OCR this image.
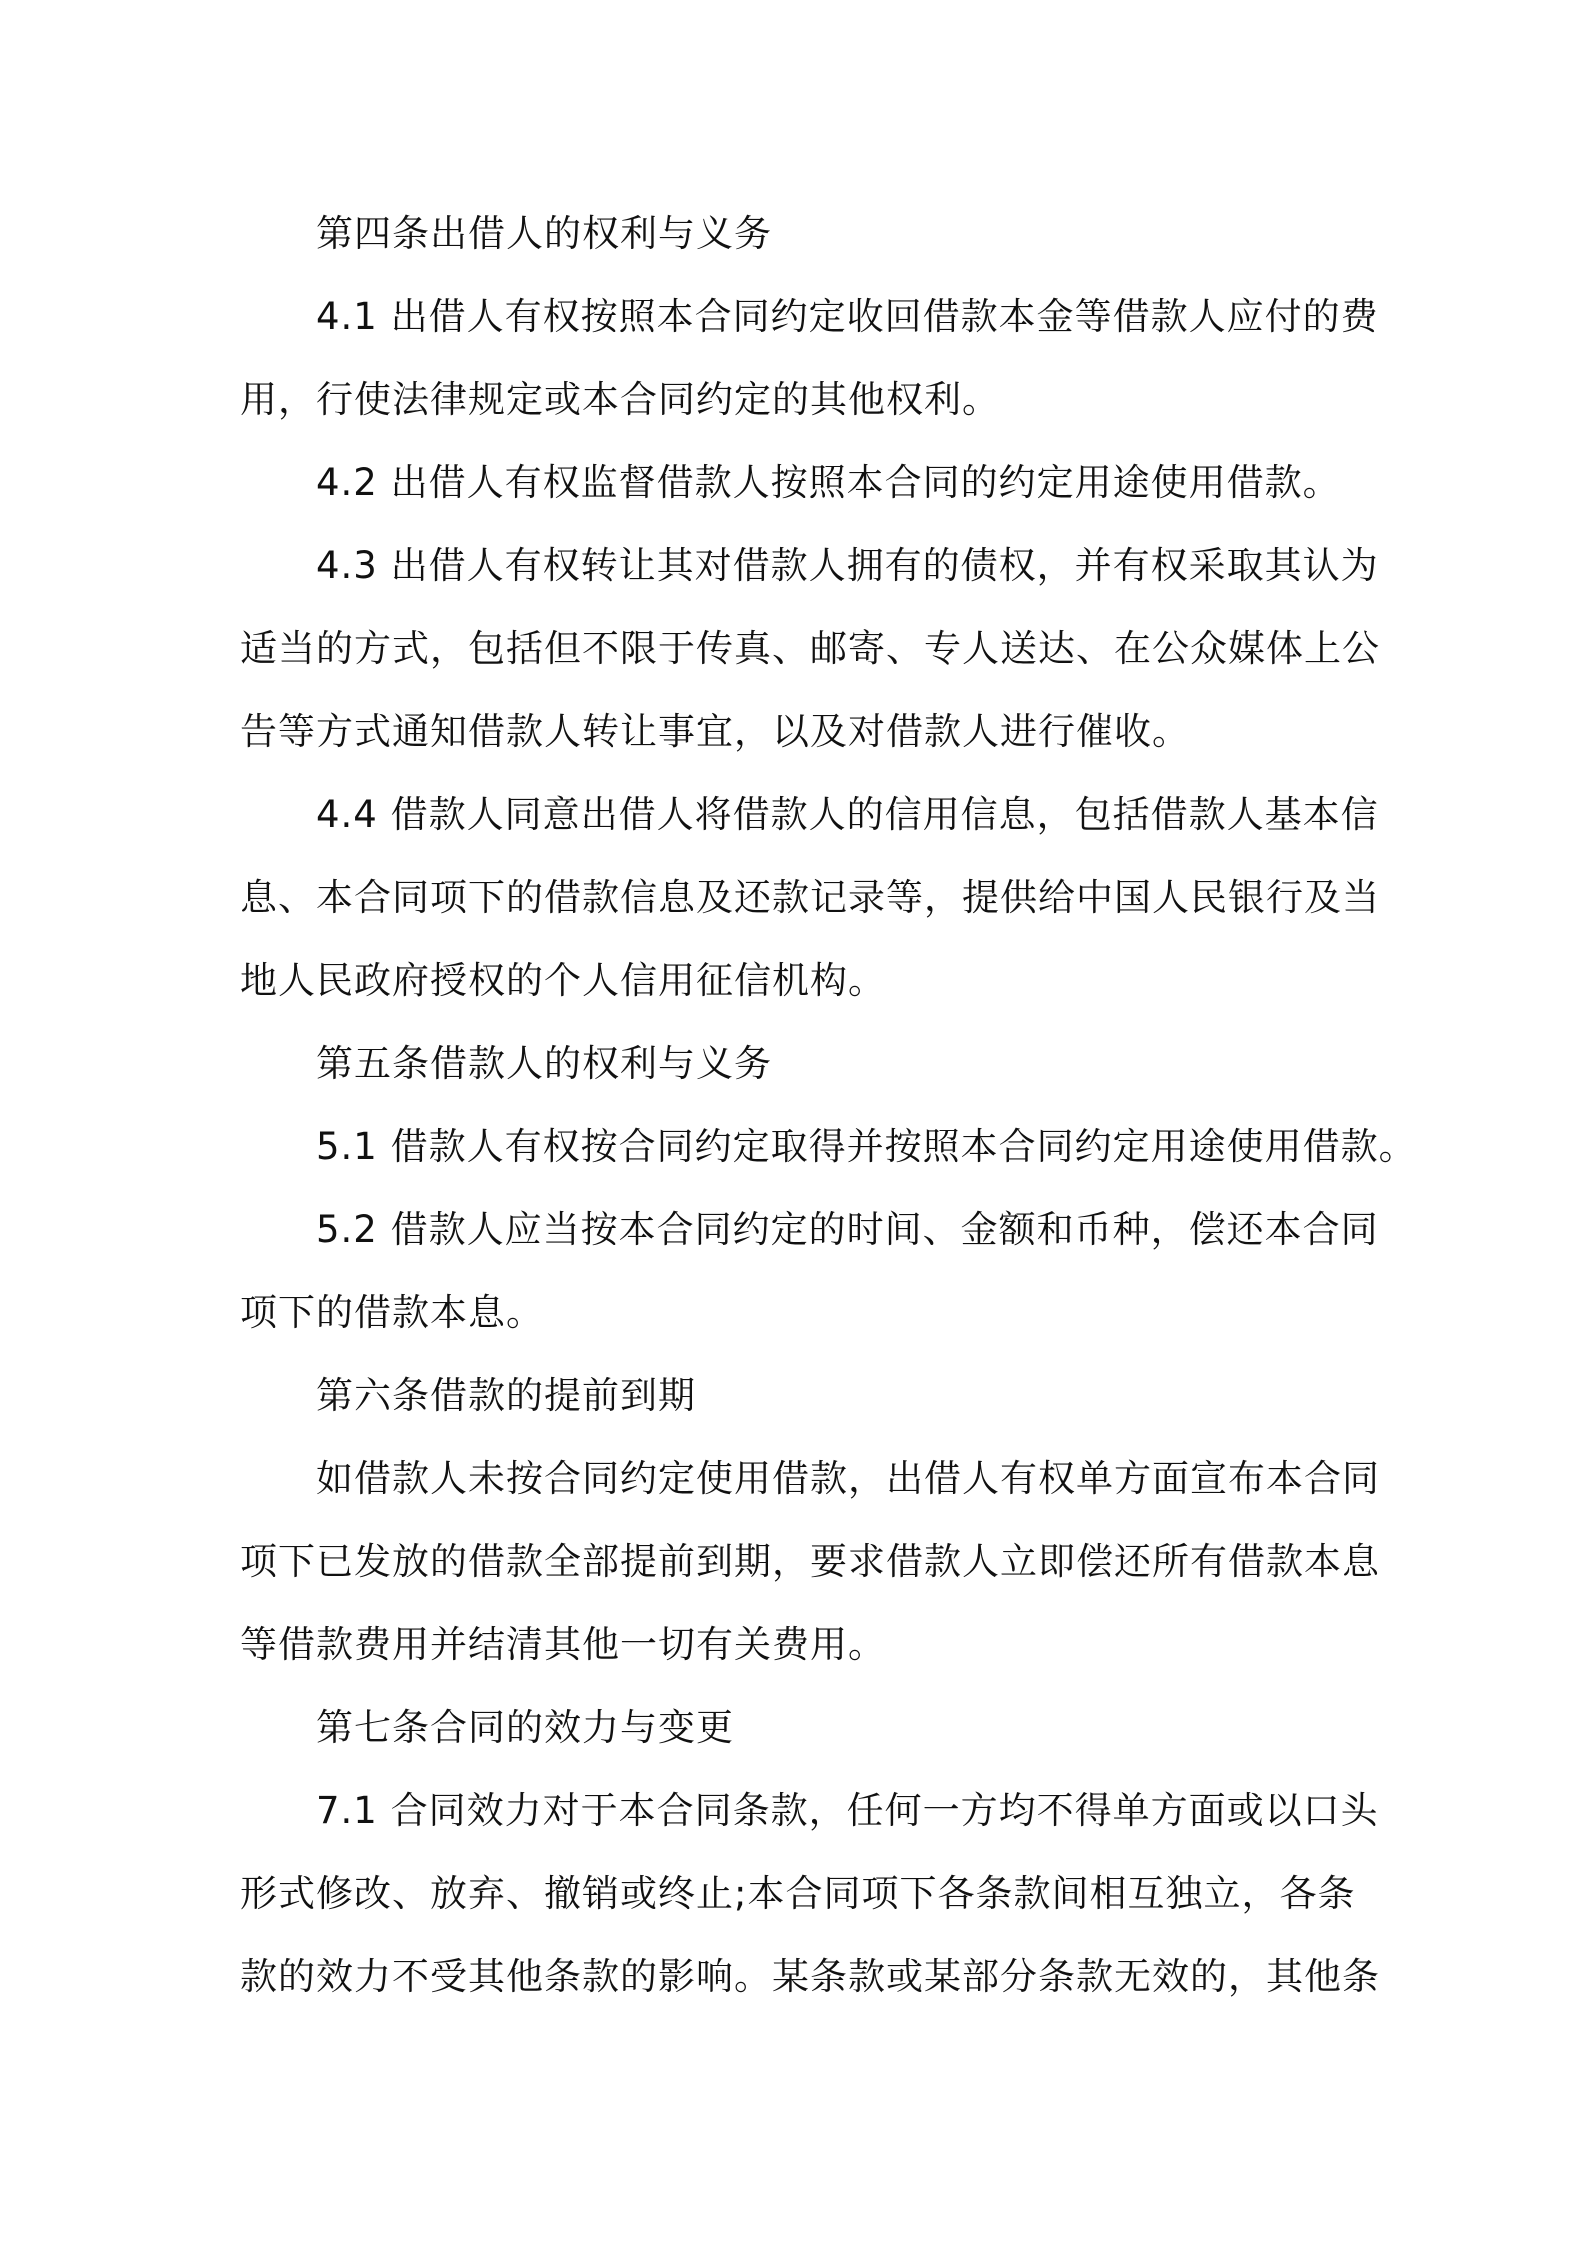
第四条出借人的权利与义务
4.1 出借人有权按照本合同约定收回借款本金等借款人应付的费
用，行使法律规定或本合同约定的其他权利。
4.2 出借人有权监督借款人按照本合同的约定用途使用借款。
4.3 出借人有权转让其对借款人拥有的债权，并有权采取其认为
适当的方式，包括但不限于传真、邮寄、专人送达、在公众媒体上公
告等方式通知借款人转让事宜，以及对借款人进行催收。
4.4 借款人同意出借人将借款人的信用信息，包括借款人基本信
息、本合同项下的借款信息及还款记录等，提供给中国人民银行及当
地人民政府授权的个人信用征信机构。
第五条借款人的权利与义务
5.1 借款人有权按合同约定取得并按照本合同约定用途使用借款。
5.2 借款人应当按本合同约定的时间、金额和币种，偿还本合同
项下的借款本息。
第六条借款的提前到期
如借款人未按合同约定使用借款，出借人有权单方面宣布本合同
项下已发放的借款全部提前到期，要求借款人立即偿还所有借款本息
等借款费用并结清其他一切有关费用。
第七条合同的效力与变更
7.1 合同效力对于本合同条款，任何一方均不得单方面或以口头
形式修改、放弃、撤销或终止;本合同项下各条款间相互独立，各条
款的效力不受其他条款的影响。某条款或某部分条款无效的，其他条
